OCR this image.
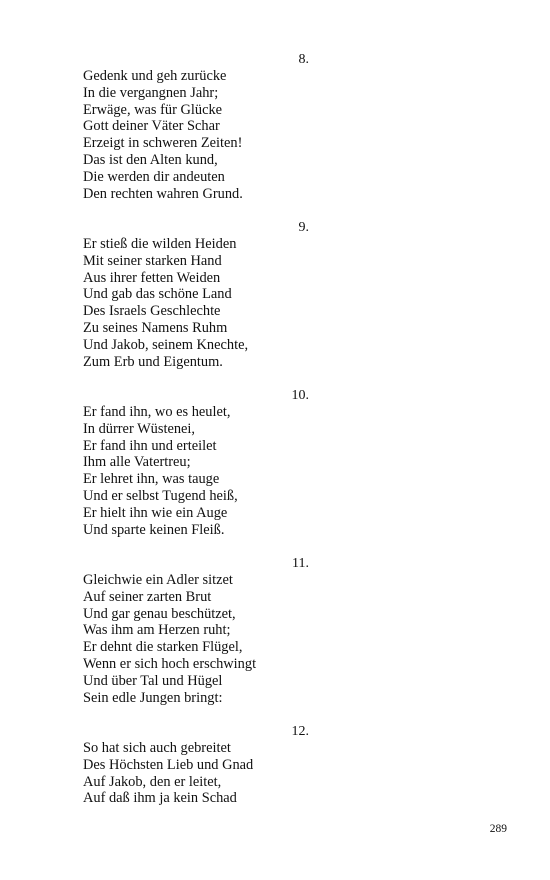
8.
Gedenk und geh zurücke
In die vergangnen Jahr;
Erwäge, was für Glücke
Gott deiner Väter Schar
Erzeigt in schweren Zeiten!
Das ist den Alten kund,
Die werden dir andeuten
Den rechten wahren Grund.
9.
Er stieß die wilden Heiden
Mit seiner starken Hand
Aus ihrer fetten Weiden
Und gab das schöne Land
Des Israels Geschlechte
Zu seines Namens Ruhm
Und Jakob, seinem Knechte,
Zum Erb und Eigentum.
10.
Er fand ihn, wo es heulet,
In dürrer Wüstenei,
Er fand ihn und erteilet
Ihm alle Vatertreu;
Er lehret ihn, was tauge
Und er selbst Tugend heiß,
Er hielt ihn wie ein Auge
Und sparte keinen Fleiß.
11.
Gleichwie ein Adler sitzet
Auf seiner zarten Brut
Und gar genau beschützet,
Was ihm am Herzen ruht;
Er dehnt die starken Flügel,
Wenn er sich hoch erschwingt
Und über Tal und Hügel
Sein edle Jungen bringt:
12.
So hat sich auch gebreitet
Des Höchsten Lieb und Gnad
Auf Jakob, den er leitet,
Auf daß ihm ja kein Schad
289
